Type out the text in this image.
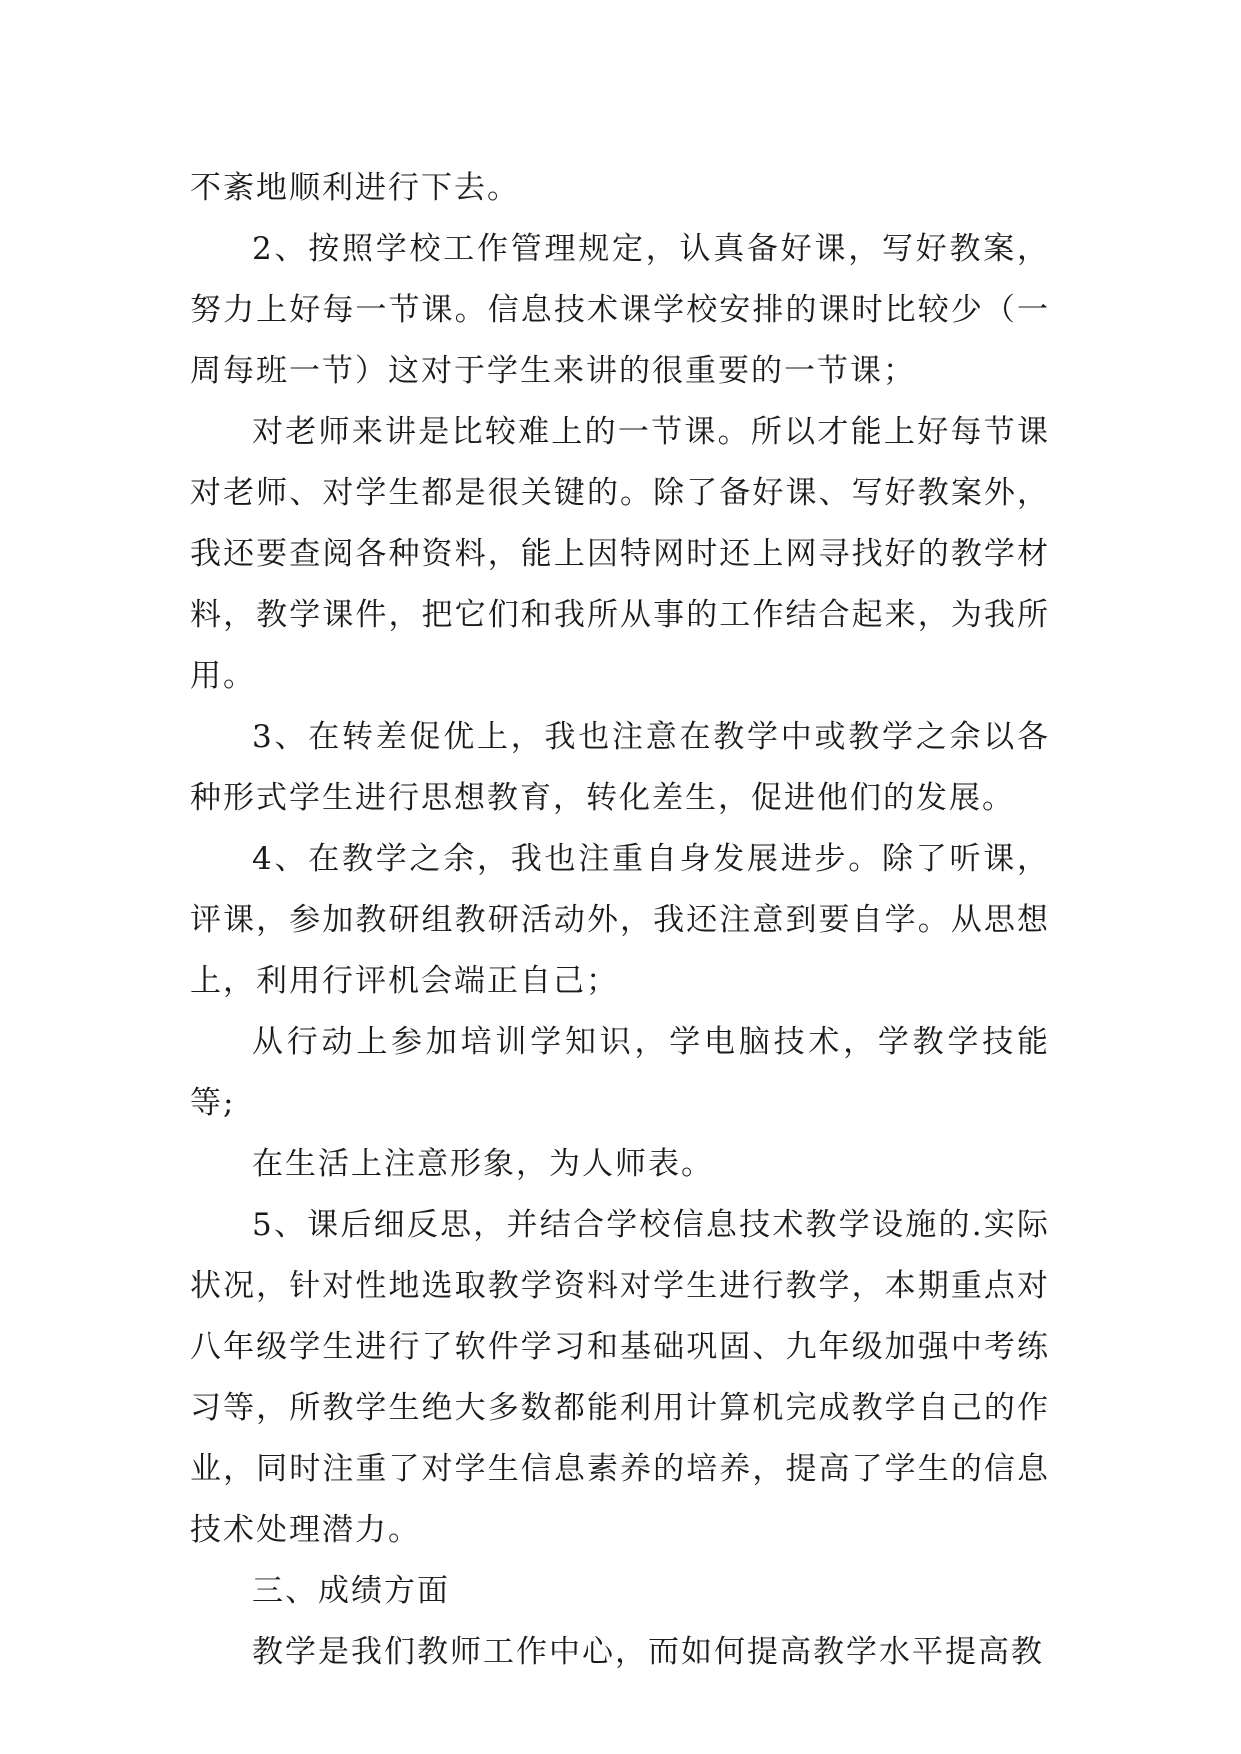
不紊地顺利进行下去。

2、按照学校工作管理规定，认真备好课，写好教案，努力上好每一节课。信息技术课学校安排的课时比较少（一周每班一节）这对于学生来讲的很重要的一节课；

对老师来讲是比较难上的一节课。所以才能上好每节课对老师、对学生都是很关键的。除了备好课、写好教案外，我还要查阅各种资料，能上因特网时还上网寻找好的教学材料，教学课件，把它们和我所从事的工作结合起来，为我所用。

3、在转差促优上，我也注意在教学中或教学之余以各种形式学生进行思想教育，转化差生，促进他们的发展。

4、在教学之余，我也注重自身发展进步。除了听课，评课，参加教研组教研活动外，我还注意到要自学。从思想上，利用行评机会端正自己；

从行动上参加培训学知识，学电脑技术，学教学技能等;

在生活上注意形象，为人师表。

5、课后细反思，并结合学校信息技术教学设施的.实际状况，针对性地选取教学资料对学生进行教学，本期重点对八年级学生进行了软件学习和基础巩固、九年级加强中考练习等，所教学生绝大多数都能利用计算机完成教学自己的作业，同时注重了对学生信息素养的培养，提高了学生的信息技术处理潜力。

三、成绩方面

教学是我们教师工作中心，而如何提高教学水平提高教
